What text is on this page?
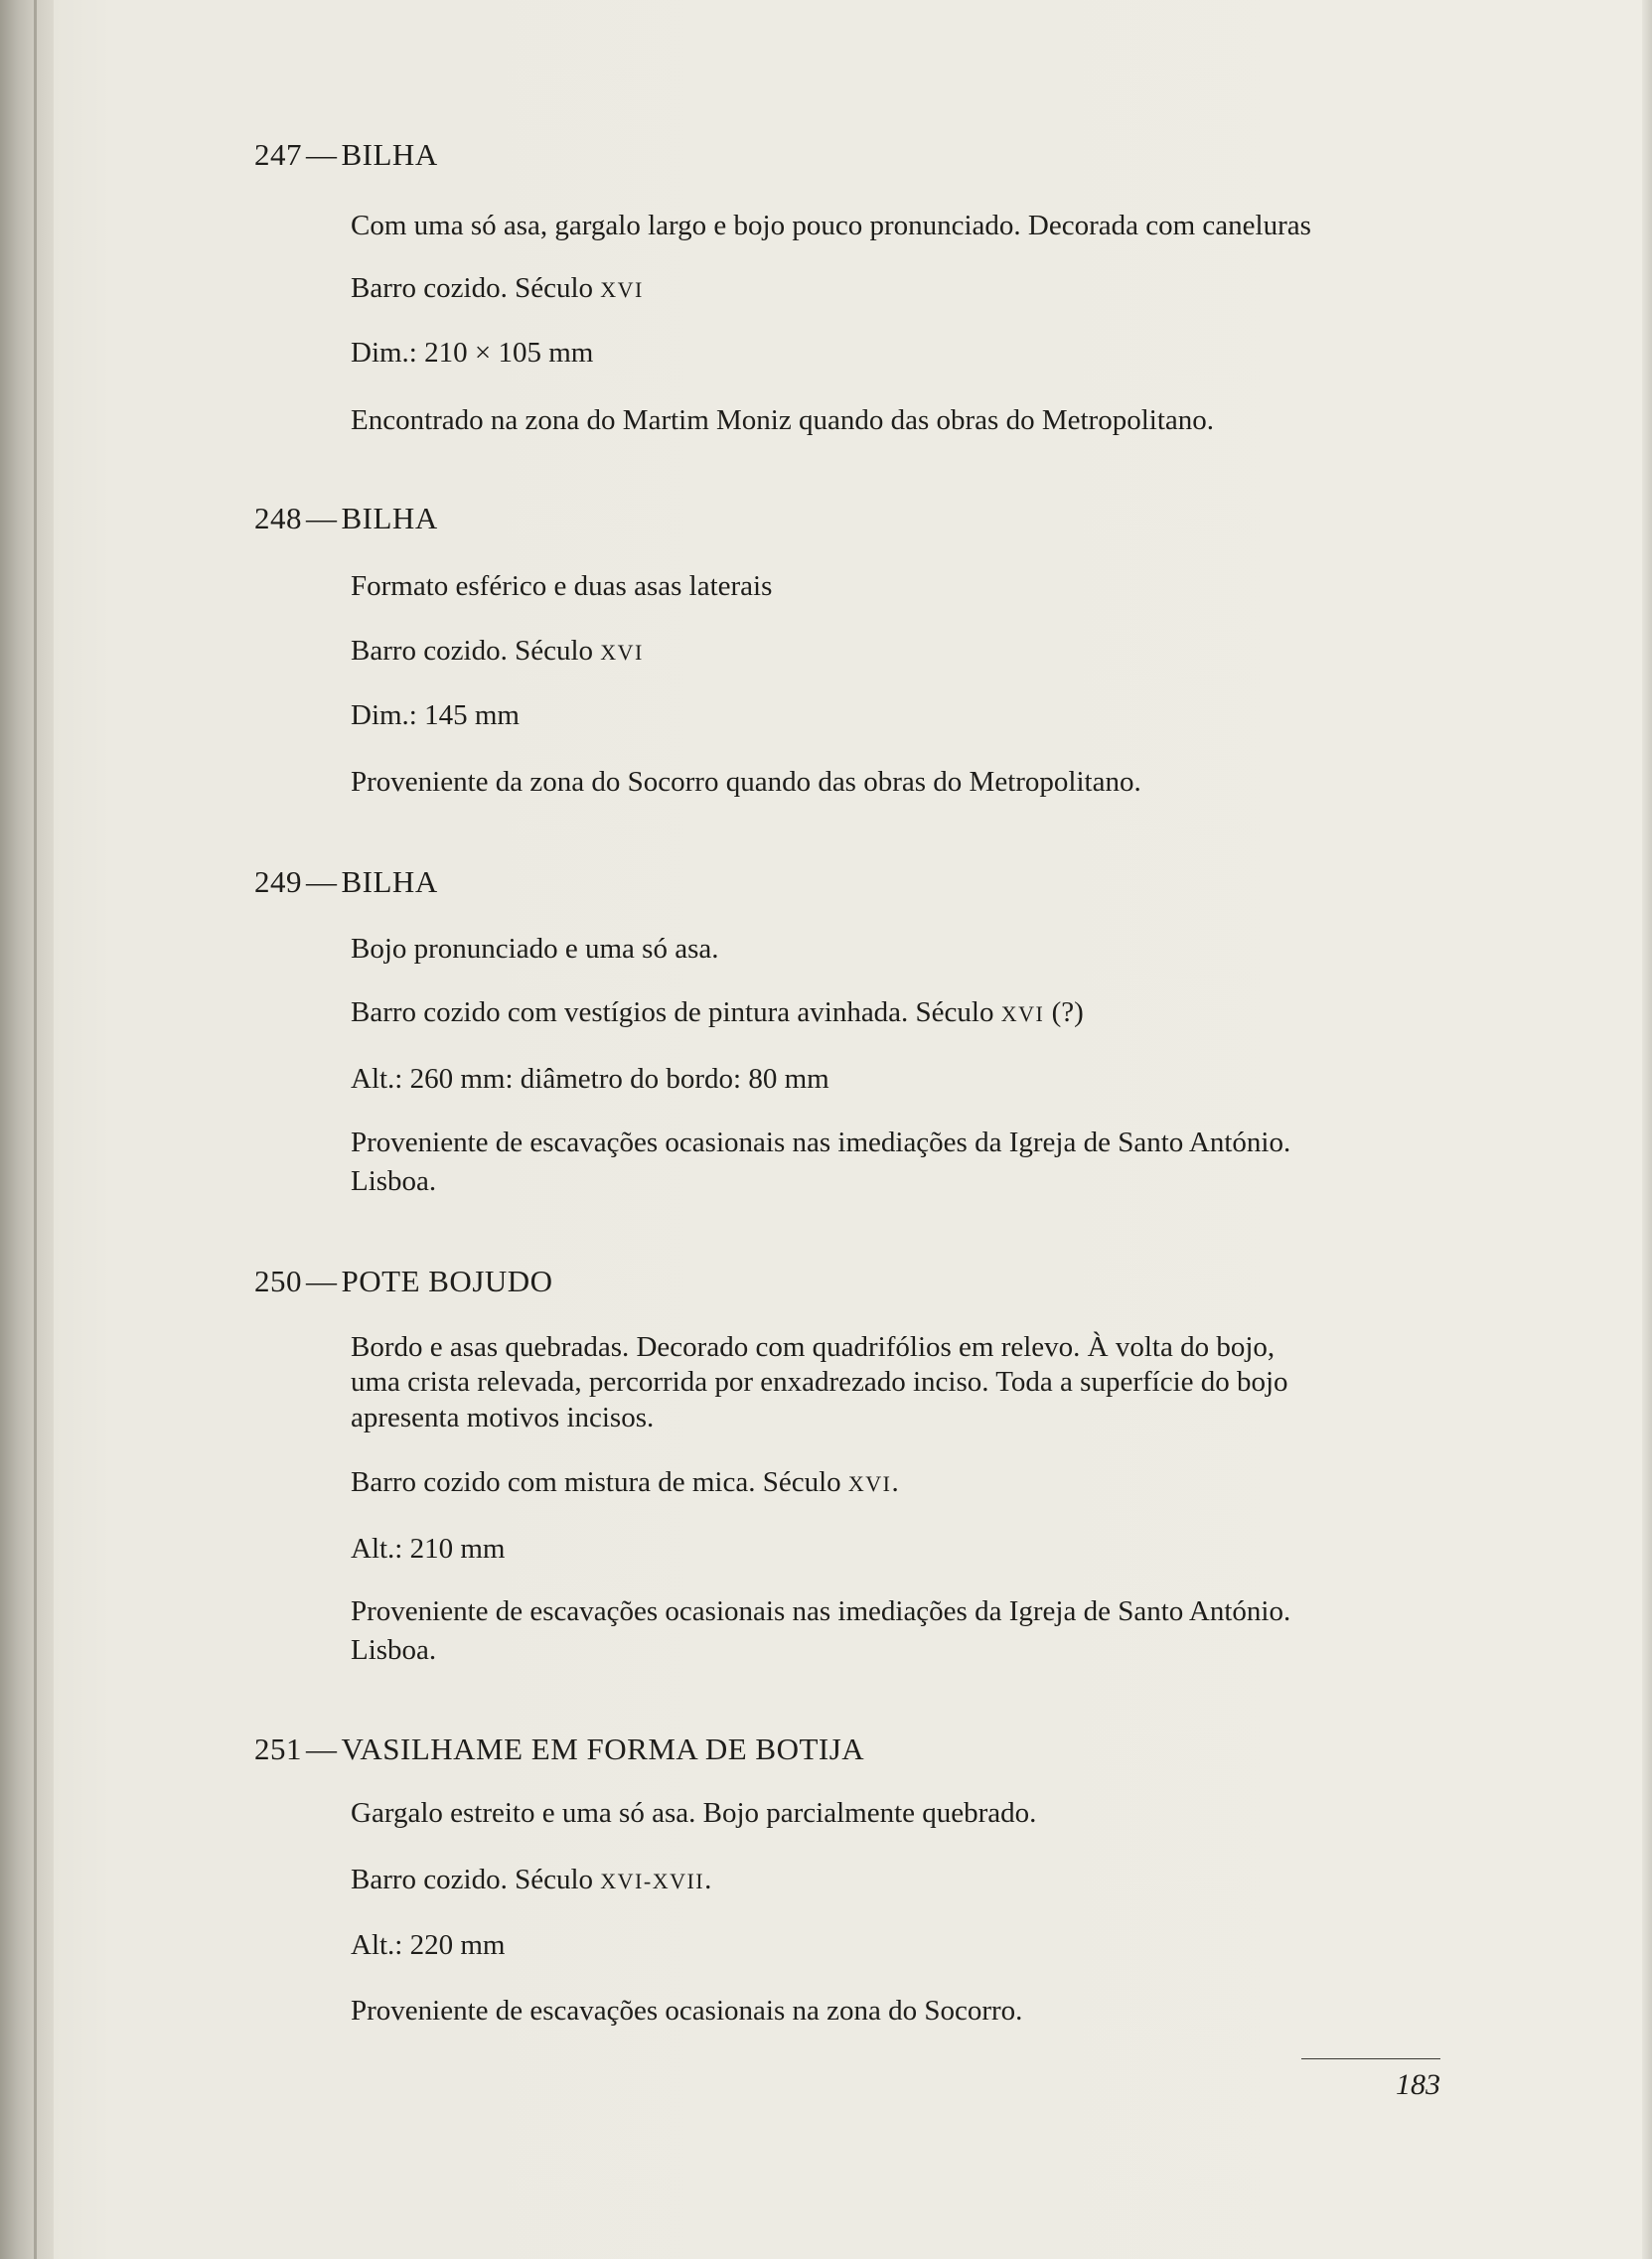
247 — BILHA

Com uma só asa, gargalo largo e bojo pouco pronunciado. Decorada com caneluras

Barro cozido. Século XVI

Dim.: 210 × 105 mm

Encontrado na zona do Martim Moniz quando das obras do Metropolitano.

248 — BILHA

Formato esférico e duas asas laterais

Barro cozido. Século XVI

Dim.: 145 mm

Proveniente da zona do Socorro quando das obras do Metropolitano.

249 — BILHA

Bojo pronunciado e uma só asa.

Barro cozido com vestígios de pintura avinhada. Século XVI (?)

Alt.: 260 mm: diâmetro do bordo: 80 mm

Proveniente de escavações ocasionais nas imediações da Igreja de Santo António.

Lisboa.

250 — POTE BOJUDO

Bordo e asas quebradas. Decorado com quadrifólios em relevo. À volta do bojo,

uma crista relevada, percorrida por enxadrezado inciso. Toda a superfície do bojo

apresenta motivos incisos.

Barro cozido com mistura de mica. Século XVI.

Alt.: 210 mm

Proveniente de escavações ocasionais nas imediações da Igreja de Santo António.

Lisboa.

251 — VASILHAME EM FORMA DE BOTIJA

Gargalo estreito e uma só asa. Bojo parcialmente quebrado.

Barro cozido. Século XVI-XVII.

Alt.: 220 mm

Proveniente de escavações ocasionais na zona do Socorro.

183
